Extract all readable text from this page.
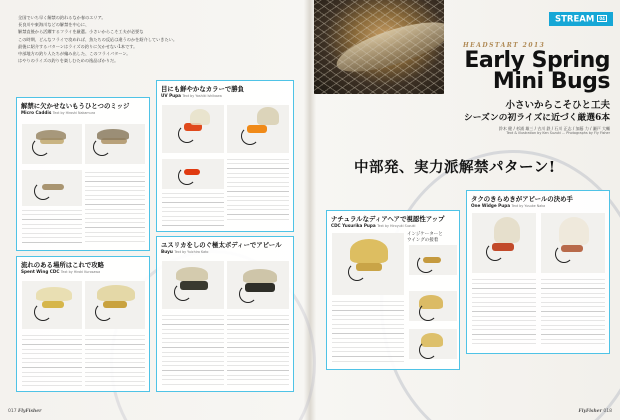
全国でいち早く解禁の釣れるなか春のエリア。

長良川や東海川などの解禁を中心に、

解禁直後から活躍するフライを厳選。小さいからこそ工夫が必要な

この時期、どんなフライで攻めれば、魚たちの反応は違うのかを紹介していきたい。

最後に紹介するパターンはライズの釣りに欠かせない1本です。

中部地方の釣り人たちが編み出した、このフライパターン。

はやりのライズの釣りを楽しむための逸品ばかりだ。

STREAM 04
HEADSTART 2013
Early Spring
Mini Bugs
小さいからこそひと工夫
シーズンの初ライズに近づく厳選6本
鈴木 健 / 杉浦 雄三 / 吉川 鉄 / 石川 正志 / 加藤 力 / 瀬戸 大輔
Text & illustration by Ken Suzuki ... Photographs by Fly Fisher
中部発、実力派解禁パターン!
解禁に欠かせないもうひとつのミッジ
Micro Caddis Text by Hiroshi Nakamura
目にも鮮やかなカラーで勝負
UV Pupa Text by Yoshiki Ishikawa
流れのある場所はこれで攻略
Spent Wing CDC Text by Hiroki Kurosawa
ユスリカをしのぐ極太ボディーでアピール
Buyu Text by Yuichiro Kato
ナチュラルなディアヘアで視認性アップ
CDC Yusurika Pupa Text by Hiroyuki Suzuki
インジケーターと
ウイングの接着
タクのきらめきがアピールの決め手
One Widge Pupa Text by Yusuke Naka
017 FlyFisher	FlyFisher 018
